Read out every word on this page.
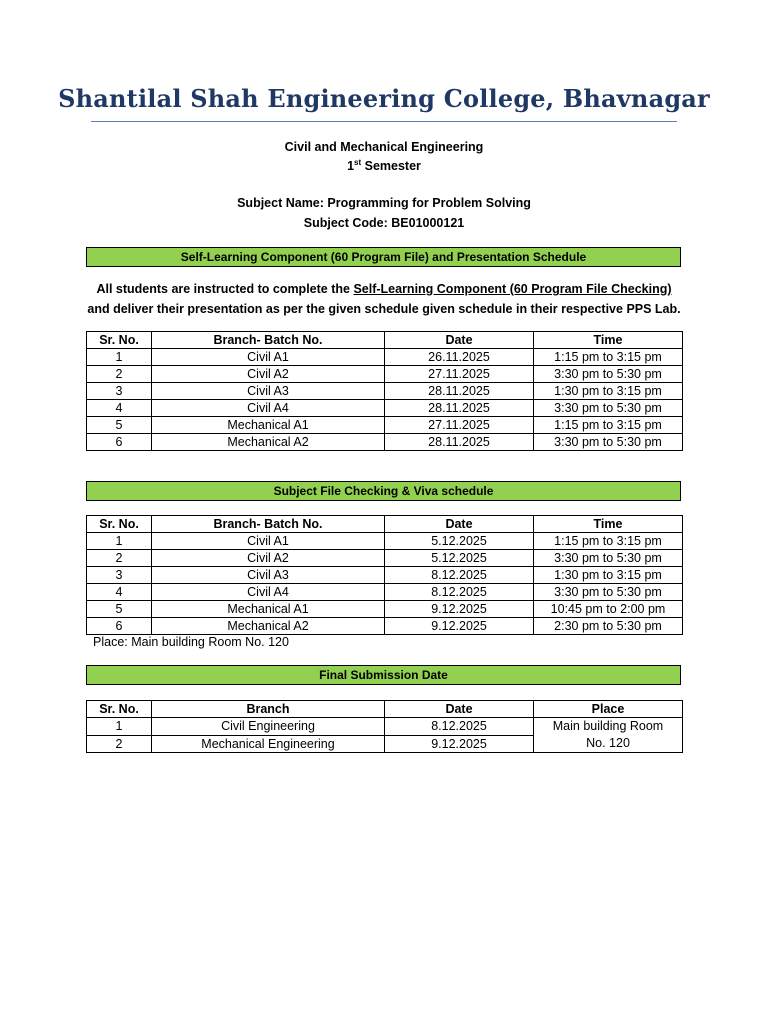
Shantilal Shah Engineering College, Bhavnagar
Civil and Mechanical Engineering
1st Semester
Subject Name: Programming for Problem Solving
Subject Code: BE01000121
Self-Learning Component (60 Program File) and Presentation Schedule
All students are instructed to complete the Self-Learning Component (60 Program File Checking)
and deliver their presentation as per the given schedule given schedule in their respective PPS Lab.
Sr. No.	Branch- Batch No.	Date	Time
1	Civil A1	26.11.2025	1:15 pm to 3:15 pm
2	Civil A2	27.11.2025	3:30 pm to 5:30 pm
3	Civil A3	28.11.2025	1:30 pm to 3:15 pm
4	Civil A4	28.11.2025	3:30 pm to 5:30 pm
5	Mechanical A1	27.11.2025	1:15 pm to 3:15 pm
6	Mechanical A2	28.11.2025	3:30 pm to 5:30 pm
Subject File Checking & Viva schedule
Sr. No.	Branch- Batch No.	Date	Time
1	Civil A1	5.12.2025	1:15 pm to 3:15 pm
2	Civil A2	5.12.2025	3:30 pm to 5:30 pm
3	Civil A3	8.12.2025	1:30 pm to 3:15 pm
4	Civil A4	8.12.2025	3:30 pm to 5:30 pm
5	Mechanical A1	9.12.2025	10:45 pm to 2:00 pm
6	Mechanical A2	9.12.2025	2:30 pm to 5:30 pm
Place: Main building Room No. 120
Final Submission Date
Sr. No.	Branch	Date	Place
1	Civil Engineering	8.12.2025	Main building Room
No. 120
2	Mechanical Engineering	9.12.2025	
